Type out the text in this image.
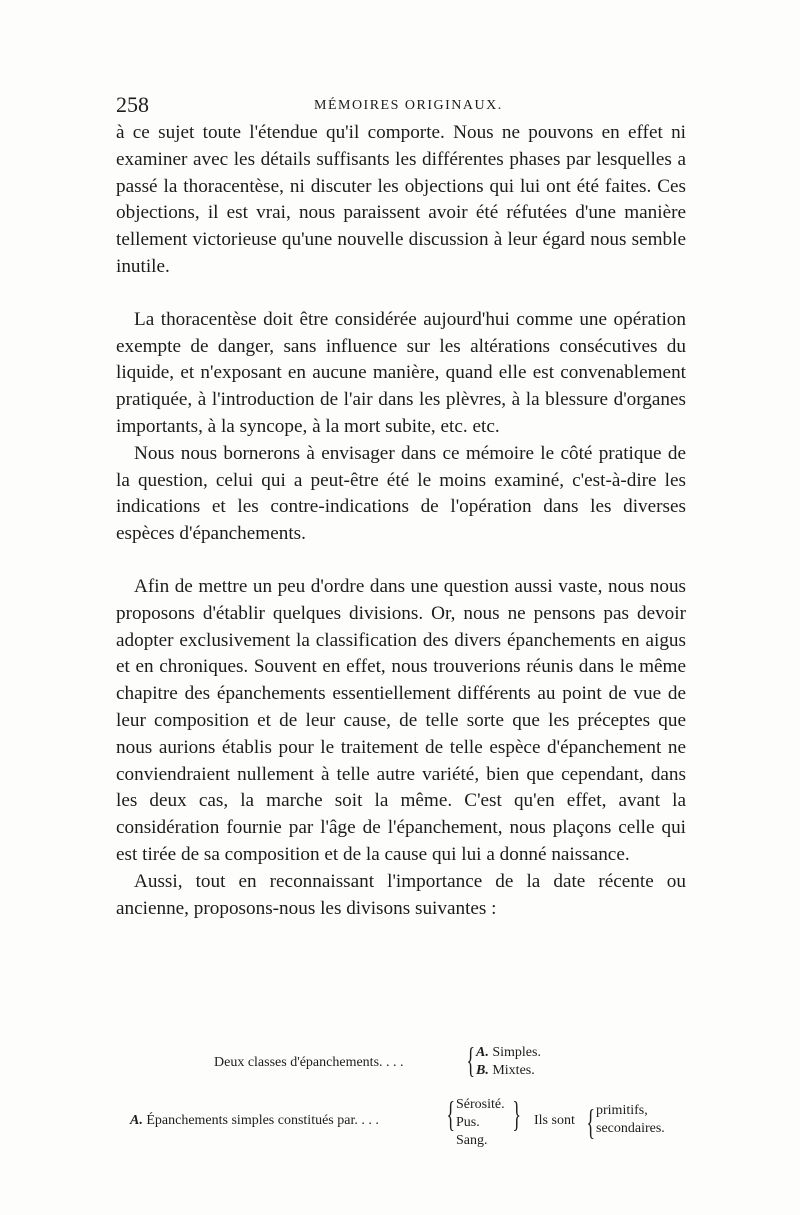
258	MÉMOIRES ORIGINAUX.

à ce sujet toute l'étendue qu'il comporte. Nous ne pouvons en effet ni examiner avec les détails suffisants les différentes phases par lesquelles a passé la thoracentèse, ni discuter les objections qui lui ont été faites. Ces objections, il est vrai, nous paraissent avoir été réfutées d'une manière tellement victorieuse qu'une nouvelle discussion à leur égard nous semble inutile.

La thoracentèse doit être considérée aujourd'hui comme une opération exempte de danger, sans influence sur les altérations consécutives du liquide, et n'exposant en aucune manière, quand elle est convenablement pratiquée, à l'introduction de l'air dans les plèvres, à la blessure d'organes importants, à la syncope, à la mort subite, etc. etc.

Nous nous bornerons à envisager dans ce mémoire le côté pratique de la question, celui qui a peut-être été le moins examiné, c'est-à-dire les indications et les contre-indications de l'opération dans les diverses espèces d'épanchements.

Afin de mettre un peu d'ordre dans une question aussi vaste, nous nous proposons d'établir quelques divisions. Or, nous ne pensons pas devoir adopter exclusivement la classification des divers épanchements en aigus et en chroniques. Souvent en effet, nous trouverions réunis dans le même chapitre des épanchements essentiellement différents au point de vue de leur composition et de leur cause, de telle sorte que les préceptes que nous aurions établis pour le traitement de telle espèce d'épanchement ne conviendraient nullement à telle autre variété, bien que cependant, dans les deux cas, la marche soit la même. C'est qu'en effet, avant la considération fournie par l'âge de l'épanchement, nous plaçons celle qui est tirée de sa composition et de la cause qui lui a donné naissance.

Aussi, tout en reconnaissant l'importance de la date récente ou ancienne, proposons-nous les divisons suivantes :

Deux classes d'épanchements. . . . { A. Simples.
B. Mixtes.
A. Épanchements simples constitués par. . . . { Sérosité.
Pus.
Sang.
} Ils sont { primitifs,
secondaires.
